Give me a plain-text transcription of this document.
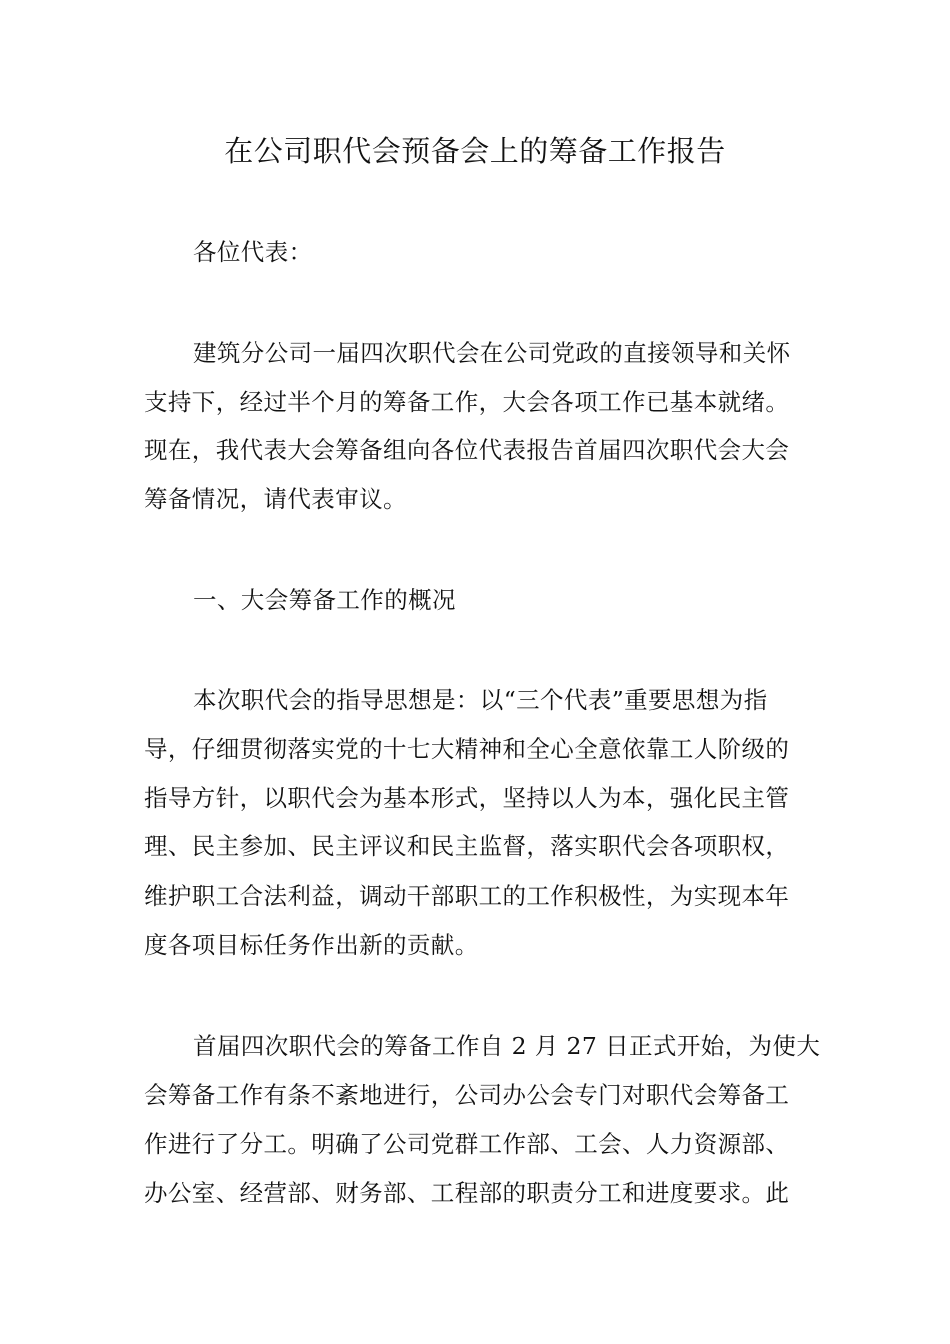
在公司职代会预备会上的筹备工作报告

各位代表：

建筑分公司一届四次职代会在公司党政的直接领导和关怀

支持下，经过半个月的筹备工作，大会各项工作已基本就绪。

现在，我代表大会筹备组向各位代表报告首届四次职代会大会

筹备情况，请代表审议。

一、大会筹备工作的概况

本次职代会的指导思想是：以“三个代表”重要思想为指

导，仔细贯彻落实党的十七大精神和全心全意依靠工人阶级的

指导方针，以职代会为基本形式，坚持以人为本，强化民主管

理、民主参加、民主评议和民主监督，落实职代会各项职权，

维护职工合法利益，调动干部职工的工作积极性，为实现本年

度各项目标任务作出新的贡献。

首届四次职代会的筹备工作自 2 月 27 日正式开始，为使大

会筹备工作有条不紊地进行，公司办公会专门对职代会筹备工

作进行了分工。明确了公司党群工作部、工会、人力资源部、

办公室、经营部、财务部、工程部的职责分工和进度要求。此
